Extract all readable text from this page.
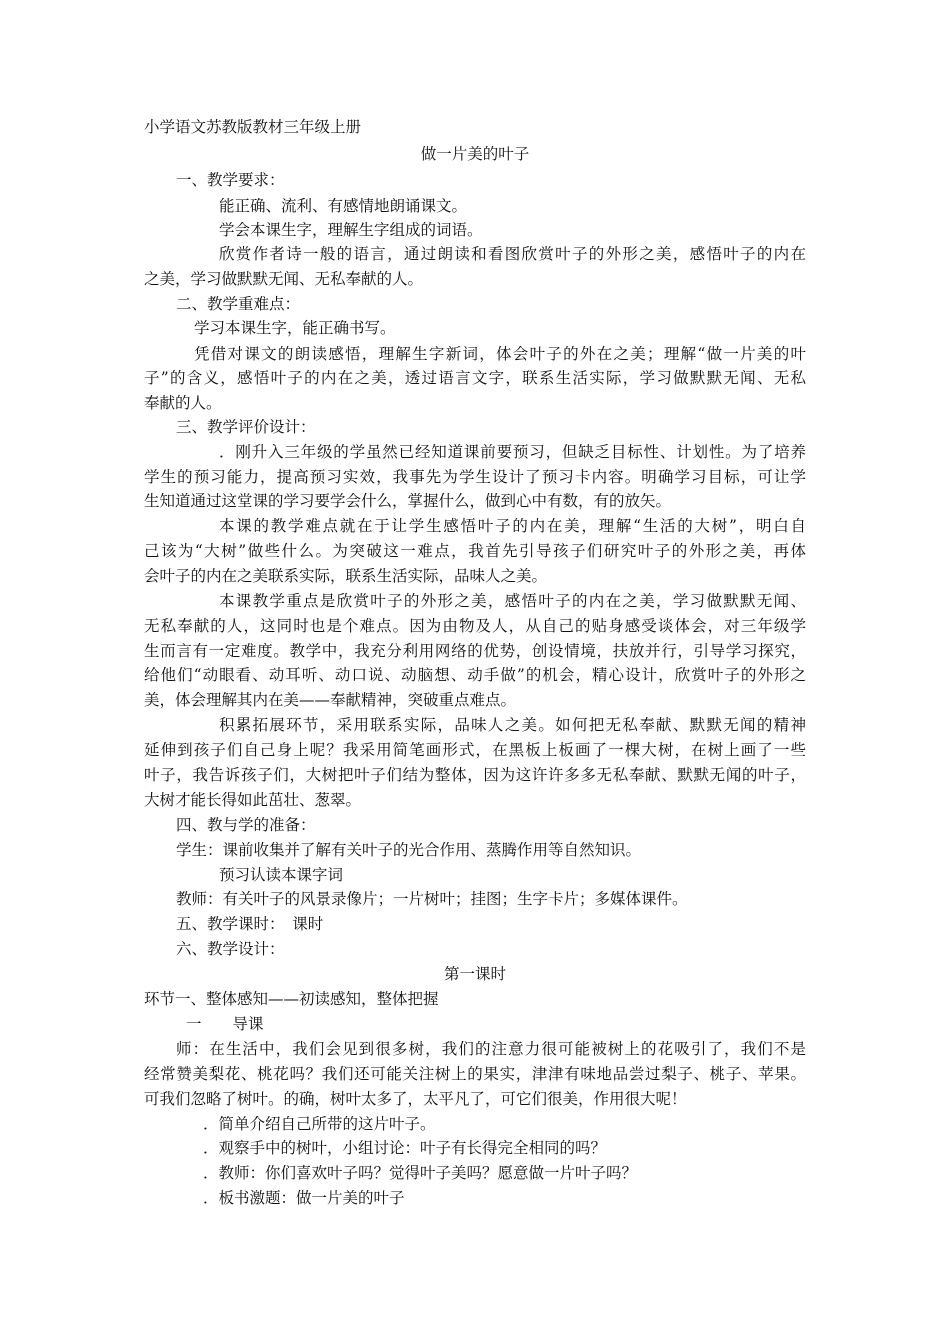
小学语文苏教版教材三年级上册
做一片美的叶子
一、教学要求：
能正确、流利、有感情地朗诵课文。
学会本课生字，理解生字组成的词语。
欣赏作者诗一般的语言，通过朗读和看图欣赏叶子的外形之美，感悟叶子的内在
之美，学习做默默无闻、无私奉献的人。
二、教学重难点：
学习本课生字，能正确书写。
凭借对课文的朗读感悟，理解生字新词，体会叶子的外在之美；理解“做一片美的叶
子”的含义，感悟叶子的内在之美，透过语言文字，联系生活实际，学习做默默无闻、无私
奉献的人。
三、教学评价设计：
．刚升入三年级的学虽然已经知道课前要预习，但缺乏目标性、计划性。为了培养
学生的预习能力，提高预习实效，我事先为学生设计了预习卡内容。明确学习目标，可让学
生知道通过这堂课的学习要学会什么，掌握什么，做到心中有数，有的放矢。
本课的教学难点就在于让学生感悟叶子的内在美，理解“生活的大树”，明白自
己该为“大树”做些什么。为突破这一难点，我首先引导孩子们研究叶子的外形之美，再体
会叶子的内在之美联系实际，联系生活实际，品味人之美。
本课教学重点是欣赏叶子的外形之美，感悟叶子的内在之美，学习做默默无闻、
无私奉献的人，这同时也是个难点。因为由物及人，从自己的贴身感受谈体会，对三年级学
生而言有一定难度。教学中，我充分利用网络的优势，创设情境，扶放并行，引导学习探究，
给他们“动眼看、动耳听、动口说、动脑想、动手做”的机会，精心设计，欣赏叶子的外形之
美，体会理解其内在美——奉献精神，突破重点难点。
积累拓展环节，采用联系实际，品味人之美。如何把无私奉献、默默无闻的精神
延伸到孩子们自己身上呢？我采用简笔画形式，在黑板上板画了一棵大树，在树上画了一些
叶子，我告诉孩子们，大树把叶子们结为整体，因为这许许多多无私奉献、默默无闻的叶子，
大树才能长得如此茁壮、葱翠。
四、教与学的准备：
学生：课前收集并了解有关叶子的光合作用、蒸腾作用等自然知识。
预习认读本课字词
教师：有关叶子的风景录像片；一片树叶；挂图；生字卡片；多媒体课件。
五、教学课时：　课时
六、教学设计：
第一课时
环节一、整体感知——初读感知，整体把握
一　　导课
师：在生活中，我们会见到很多树，我们的注意力很可能被树上的花吸引了，我们不是
经常赞美梨花、桃花吗？我们还可能关注树上的果实，津津有味地品尝过梨子、桃子、苹果。
可我们忽略了树叶。的确，树叶太多了，太平凡了，可它们很美，作用很大呢！
．简单介绍自己所带的这片叶子。
．观察手中的树叶，小组讨论：叶子有长得完全相同的吗？
．教师：你们喜欢叶子吗？觉得叶子美吗？愿意做一片叶子吗？
．板书激题：做一片美的叶子
